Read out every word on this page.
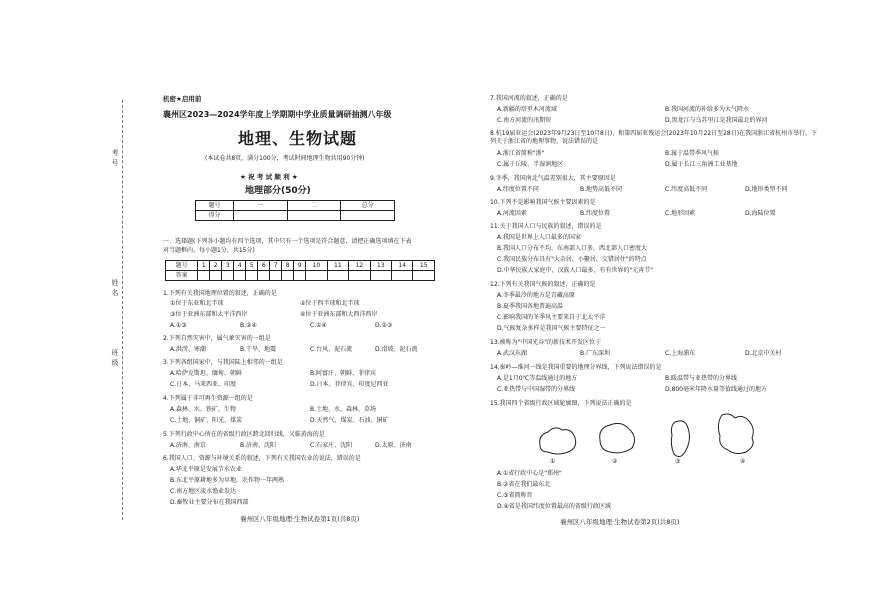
考
号
姓
名
班
级
机密★启用前
襄州区2023—2024学年度上学期期中学业质量调研抽测八年级
地理、生物试题
(本试卷共8页，满分100分，考试时间地理生物共用90分钟)
★ 祝 考 试 顺 利 ★
地理部分(50分)
题号	一	二	总分
得分			
一、选择题(下列各小题均有四个选项，其中只有一个选项是符合题意，请把正确选项填在下表
对当题框内。每小题1分，共15分)
题号	1	2	3	4	5	6	7	8	9	10	11	12	13	14	15
答案															
1.下列有关我国地理位置的叙述，正确的是
①位于东亚和北半球	②位于西半球和北半球
③位于亚洲东部和太平洋西岸	④位于亚洲东部和大西洋西岸
A.①③	B.②④	C.①④	D.②③
2.下列自然灾害中，属气象灾害的一组是
A.洪涝、寒潮	B.干旱、地震	C.台风、泥石流	D.滑坡、泥石流
3.下列各组国家中，与我国陆上相邻的一组是
A.哈萨克斯坦、缅甸、朝鲜	B.阿富汗、朝鲜、菲律宾
C.日本、马来西亚、印度	D.日本、菲律宾、印度尼西亚
4.下列属于非可再生资源一组的是
A.森林、水、铁矿、生物	B.土地、水、森林、草场
C.土地、铜矿、阳光、煤炭	D.天然气、煤炭、石油、铜矿
5.下列行政中心所在的省级行政区跨北回归线，又临黄海的是
A.济南、南京	B.济南、沈阳	C.石家庄、沈阳	D.太原、济南
6.我国人口、资源与环境关系的叙述，下列有关我国农业的说法，错误的是
A.华北平原是发展节水农业
B.东北平原耕地多为早地，农作物一年两熟
C.南方地区淡水渔业发达
D.畜牧业主要分布在我国西部
襄州区八年级地理·生物试卷第1页(共8页)
7.我国河流的叙述，正确的是
A.新疆的塔里木河流域	B.我国河流的补给多为大气降水
C.南方河流的汛期短	D.黑龙江与乌苏里江是我国最北的界河
8.杭19届亚运会(2023年9月23日至10月8日)，和第四届亚残运会(2023年10月22日至28日)在我国浙江省杭州市举行。下列关于浙江省的地理事物，说法错误的是
A.浙江省简称"浙"	B.属于温带季风气候
C.属于丘陵、半湿润地区	D.属于长江三角洲工业基地
9.冬季，我国南北气温差别很大，其主要原因是
A.纬度位置不同	B.地势高低不同	C.纬度高低不同	D.地形类型不同
10.下列不是影响我国气候主要因素的是
A.河流因素	B.纬度位置	C.地形因素	D.海陆位置
11.关于我国人口与民族的叙述，错误的是
A.我国是世界上人口最多的国家
B.我国人口分布不均，东南部人口多，西北部人口密度大
C.我国民族分布具有"大杂居，小聚居，交错居住"的特点
D.中华民族大家庭中，汉族人口最多，有有世界的"元宵节"
12.下列有关我国气候的叙述，正确的是
A.冬季最冷的地方是青藏高原
B.夏季我国各地普遍高温
C.影响我国的冬季风主要来自于北太平洋
D.气候复杂多样是我国气候主要特征之一
13.被称为"中国光谷"的新技术开发区位于
A.武汉东湖	B.广东深圳	C.上海浦东	D.北京中关村
14.秦岭—淮河一线是我国重要的地理分界线，下列说法错误的是
A.是1月0℃等温线通过的地方	B.暖温带与亚热带的分界线
C.亚热带与中国湿带的分界线	D.800毫米年降水量等值线通过的地方
15.我国四个省级行政区域轮廓图，下列说法正确的是
①	②	③	④
A.①省行政中心是"郑州"
B.②省在我们最东北
C.③省简称晋
D.④省是我国纬度位置最高的省级行政区域
襄州区八年级地理·生物试卷第2页(共8页)
